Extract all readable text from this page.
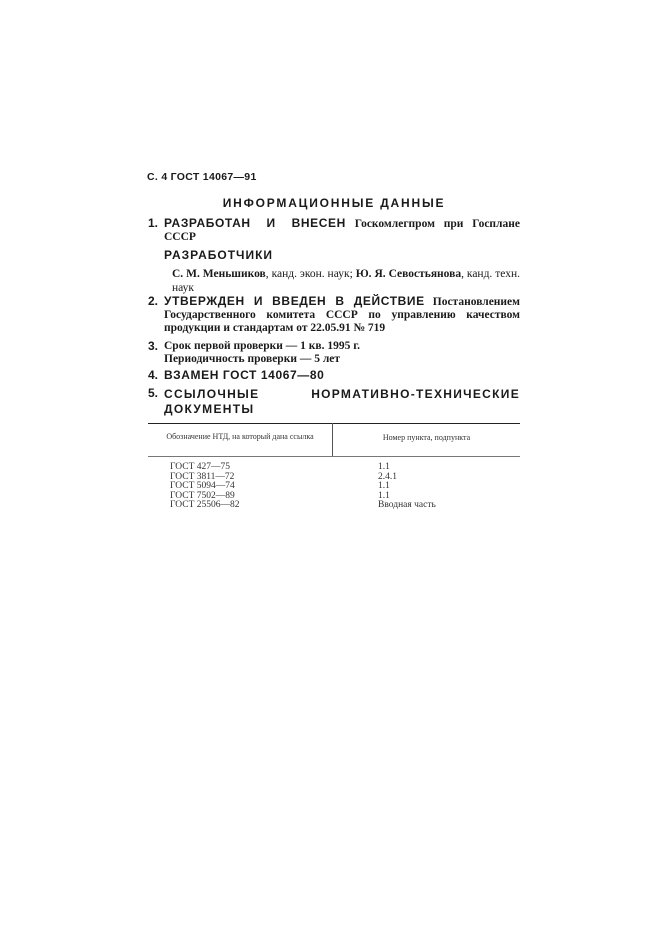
С. 4 ГОСТ 14067—91
ИНФОРМАЦИОННЫЕ ДАННЫЕ
1. РАЗРАБОТАН И ВНЕСЕН Госкомлегпром при Госплане СССР
РАЗРАБОТЧИКИ
С. М. Меньшиков, канд. экон. наук; Ю. Я. Севостьянова, канд. техн. наук
2. УТВЕРЖДЕН И ВВЕДЕН В ДЕЙСТВИЕ Постановлением Государственного комитета СССР по управлению качеством продукции и стандартам от 22.05.91 № 719
3. Срок первой проверки — 1 кв. 1995 г.
Периодичность проверки — 5 лет
4. ВЗАМЕН ГОСТ 14067—80
5. ССЫЛОЧНЫЕ НОРМАТИВНО-ТЕХНИЧЕСКИЕ ДОКУМЕНТЫ
Обозначение НТД, на который дана ссылка	Номер пункта, подпункта
ГОСТ 427—75	1.1
ГОСТ 3811—72	2.4.1
ГОСТ 5094—74	1.1
ГОСТ 7502—89	1.1
ГОСТ 25506—82	Вводная часть
